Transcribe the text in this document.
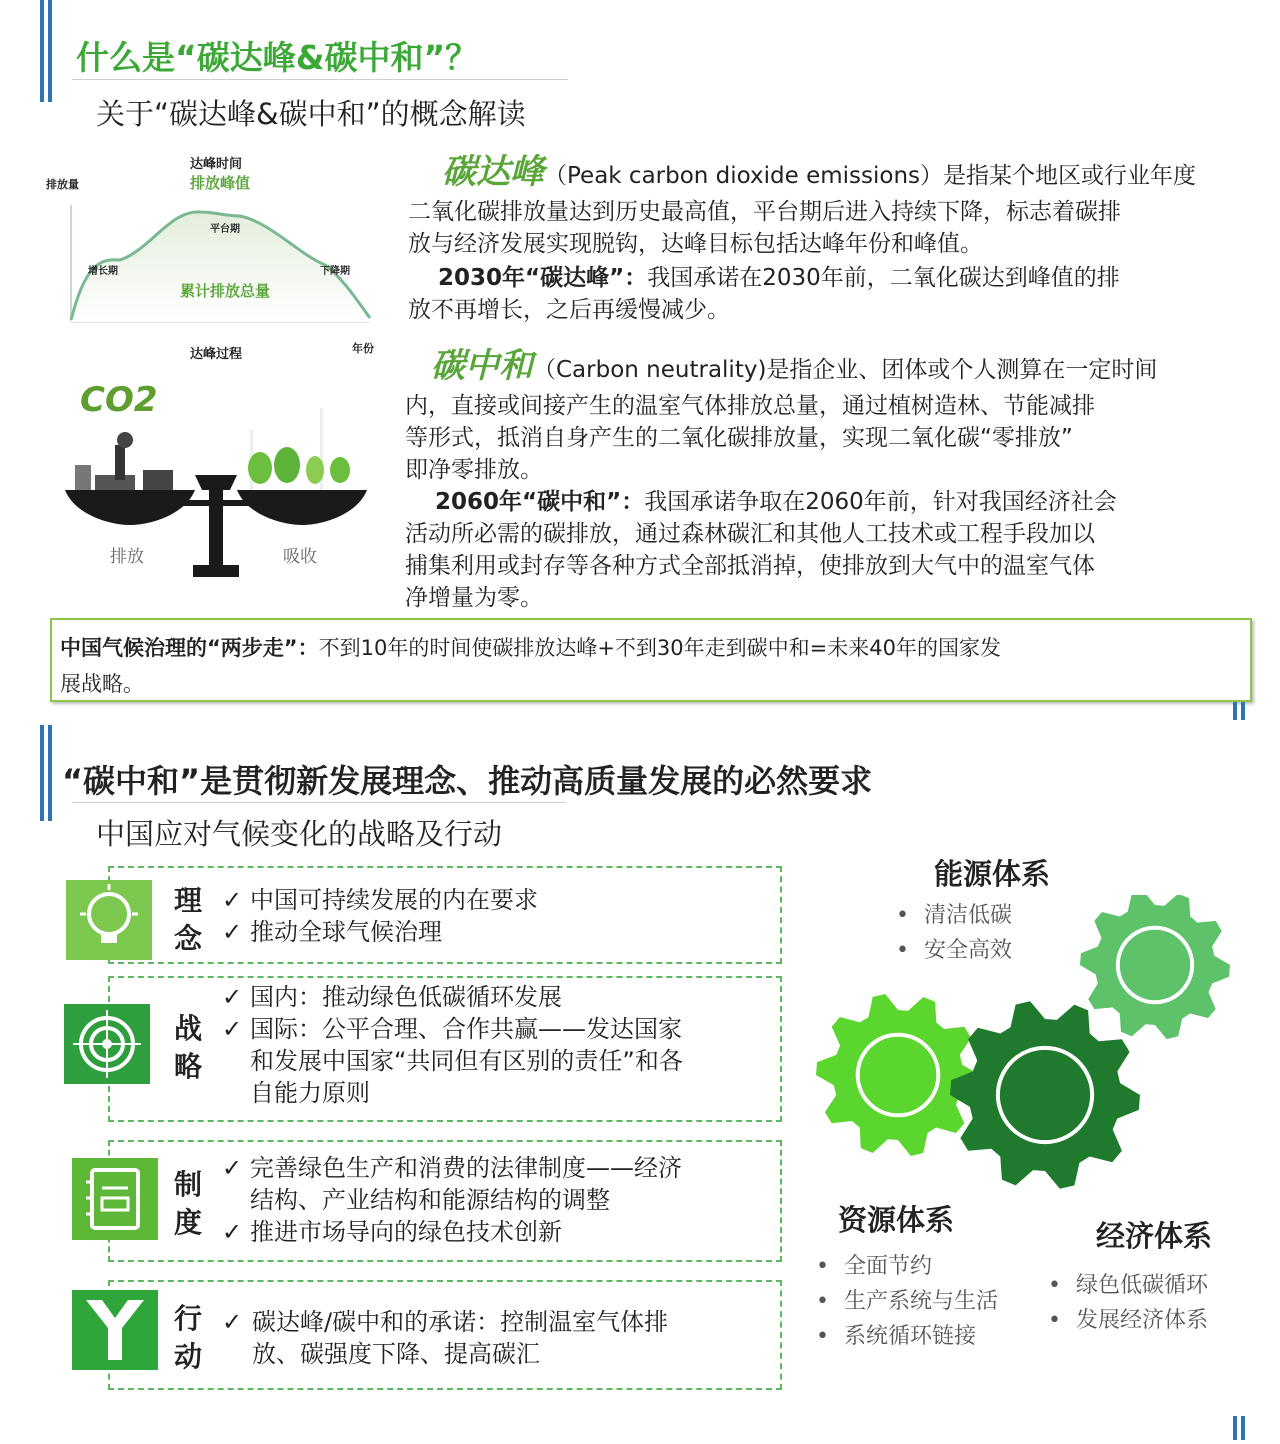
什么是“碳达峰&碳中和”？
关于“碳达峰&碳中和”的概念解读
达峰时间
排放峰值
排放量
平台期
增长期	下降期
累计排放总量
达峰过程	年份
CO2
排放	吸收
碳达峰（Peak carbon dioxide emissions）是指某个地区或行业年度
二氧化碳排放量达到历史最高值，平台期后进入持续下降，标志着碳排
放与经济发展实现脱钩，达峰目标包括达峰年份和峰值。
2030年“碳达峰”：我国承诺在2030年前，二氧化碳达到峰值的排
放不再增长，之后再缓慢减少。
碳中和（Carbon neutrality)是指企业、团体或个人测算在一定时间
内，直接或间接产生的温室气体排放总量，通过植树造林、节能减排
等形式，抵消自身产生的二氧化碳排放量，实现二氧化碳“零排放”
即净零排放。
2060年“碳中和”：我国承诺争取在2060年前，针对我国经济社会
活动所必需的碳排放，通过森林碳汇和其他人工技术或工程手段加以
捕集利用或封存等各种方式全部抵消掉，使排放到大气中的温室气体
净增量为零。
中国气候治理的“两步走”：不到10年的时间使碳排放达峰+不到30年走到碳中和=未来40年的国家发
展战略。
“碳中和”是贯彻新发展理念、推动高质量发展的必然要求
中国应对气候变化的战略及行动
理
念
✓ 中国可持续发展的内在要求
✓ 推动全球气候治理
战
略
✓ 国内：推动绿色低碳循环发展
✓ 国际：公平合理、合作共赢——发达国家
和发展中国家“共同但有区别的责任”和各
自能力原则
制
度
✓ 完善绿色生产和消费的法律制度——经济
结构、产业结构和能源结构的调整
✓ 推进市场导向的绿色技术创新
行
动
✓ 碳达峰/碳中和的承诺：控制温室气体排
放、碳强度下降、提高碳汇
能源体系
• 清洁低碳
• 安全高效
资源体系
• 全面节约
• 生产系统与生活
• 系统循环链接
经济体系
• 绿色低碳循环
• 发展经济体系
